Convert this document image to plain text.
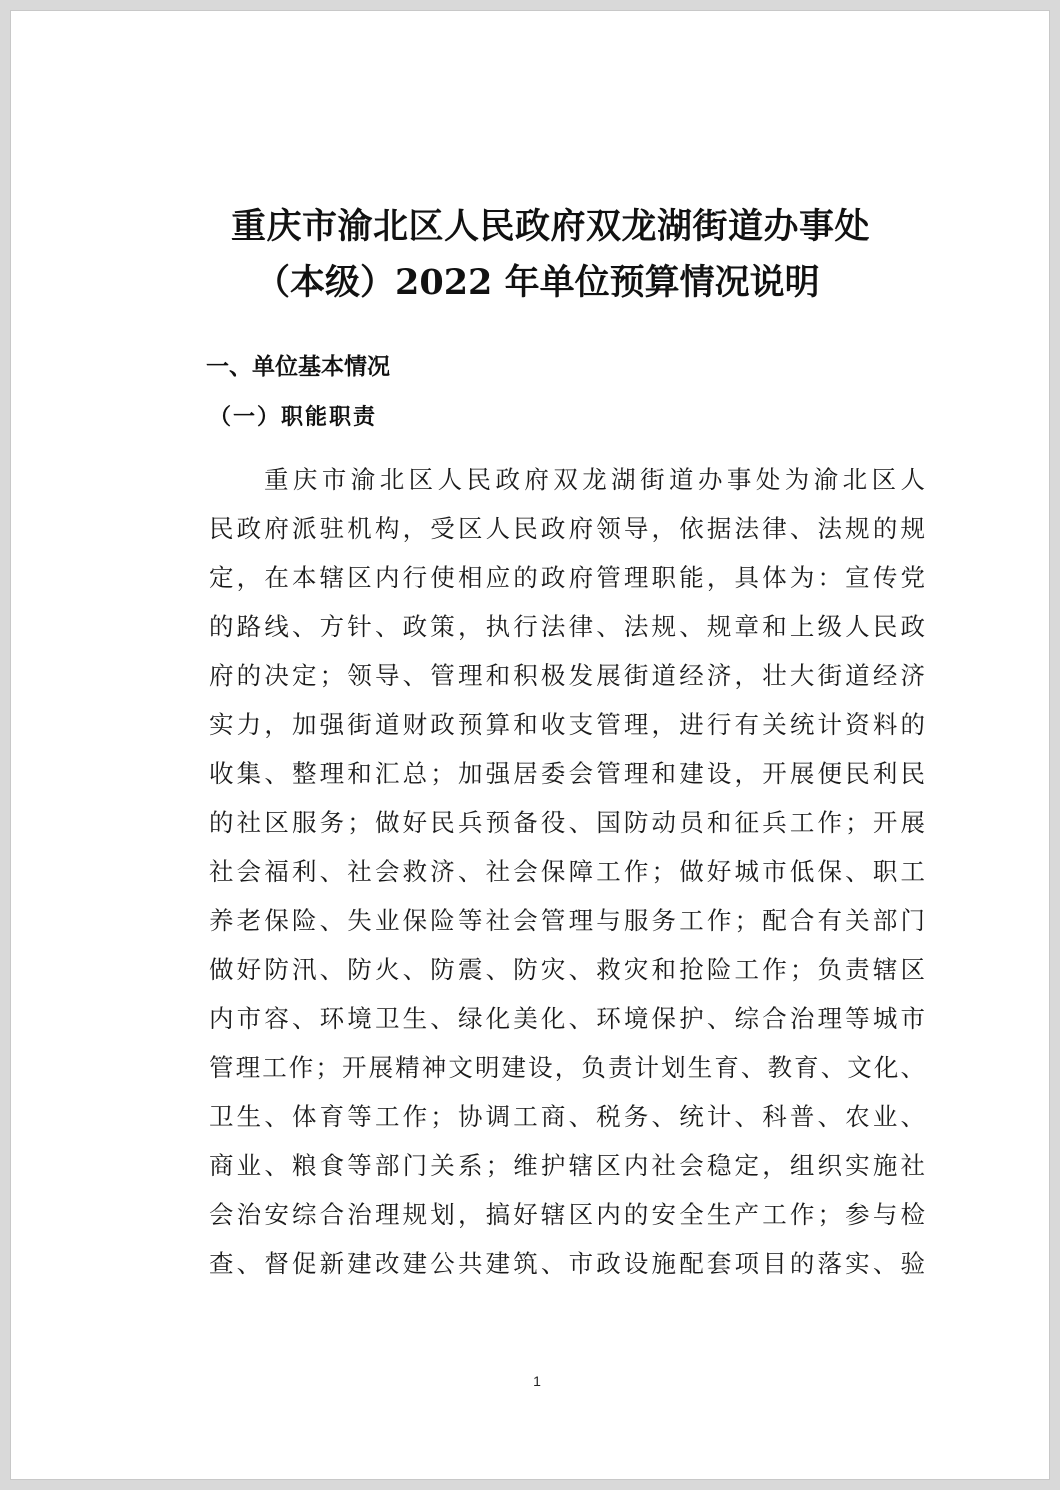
重庆市渝北区人民政府双龙湖街道办事处
（本级）2022 年单位预算情况说明
一、单位基本情况
（一）职能职责
重庆市渝北区人民政府双龙湖街道办事处为渝北区人
民政府派驻机构，受区人民政府领导，依据法律、法规的规
定，在本辖区内行使相应的政府管理职能，具体为：宣传党
的路线、方针、政策，执行法律、法规、规章和上级人民政
府的决定；领导、管理和积极发展街道经济，壮大街道经济
实力，加强街道财政预算和收支管理，进行有关统计资料的
收集、整理和汇总；加强居委会管理和建设，开展便民利民
的社区服务；做好民兵预备役、国防动员和征兵工作；开展
社会福利、社会救济、社会保障工作；做好城市低保、职工
养老保险、失业保险等社会管理与服务工作；配合有关部门
做好防汛、防火、防震、防灾、救灾和抢险工作；负责辖区
内市容、环境卫生、绿化美化、环境保护、综合治理等城市
管理工作；开展精神文明建设，负责计划生育、教育、文化、
卫生、体育等工作；协调工商、税务、统计、科普、农业、
商业、粮食等部门关系；维护辖区内社会稳定，组织实施社
会治安综合治理规划，搞好辖区内的安全生产工作；参与检
查、督促新建改建公共建筑、市政设施配套项目的落实、验
1
